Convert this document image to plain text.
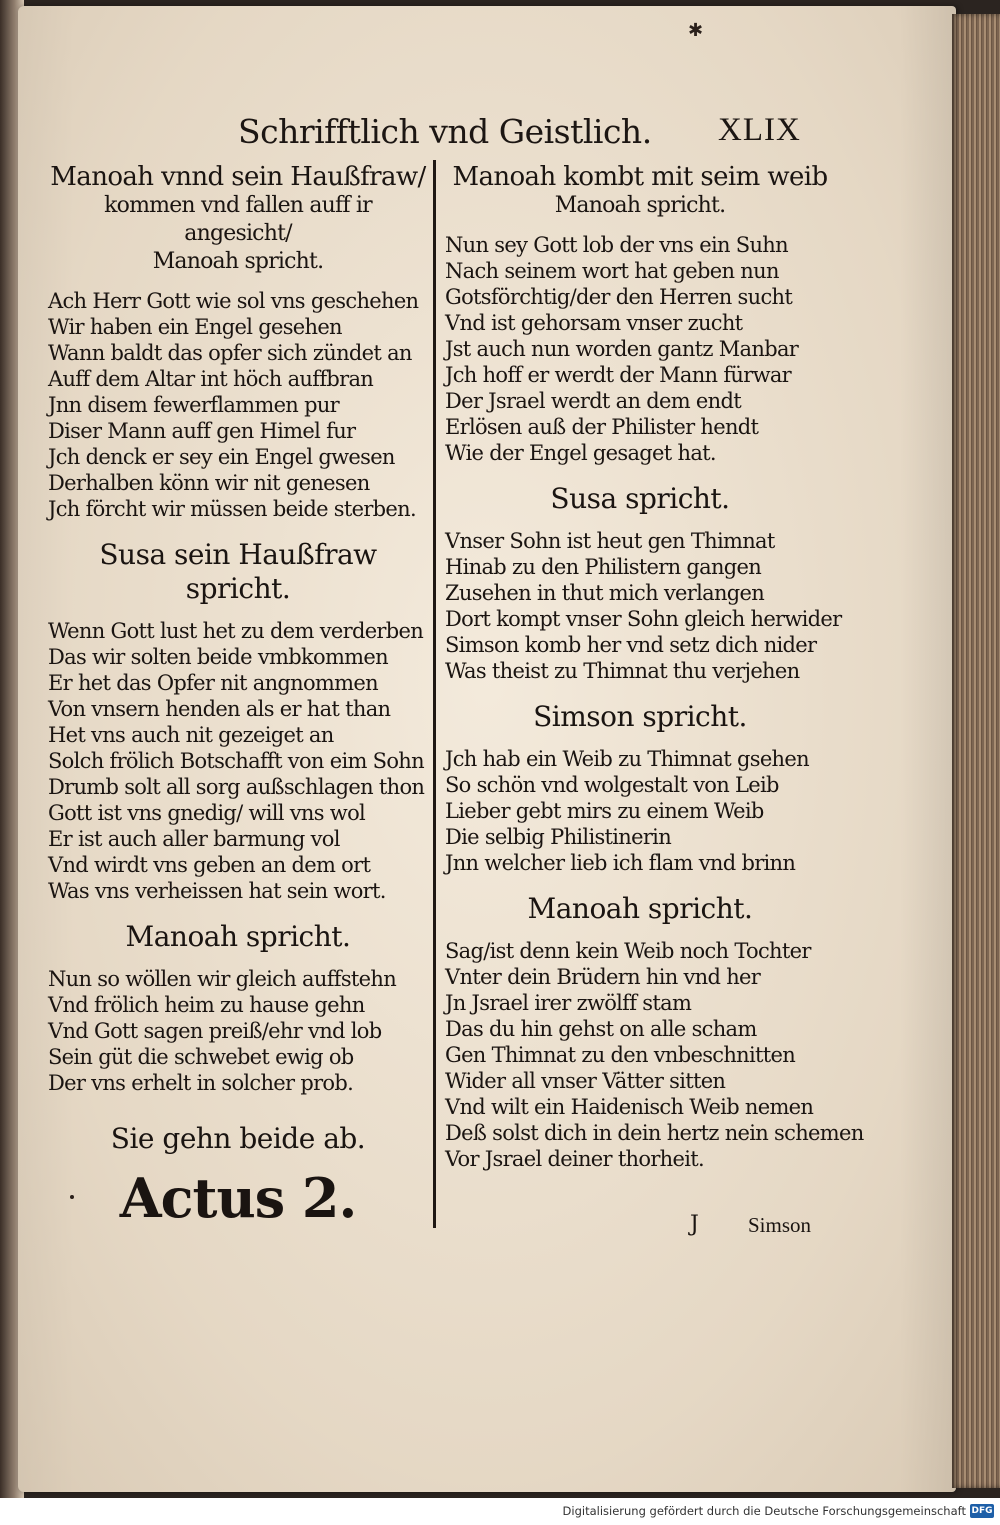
✱
Schrifftlich vnd Geistlich. XLIX
Manoah vnnd sein Haußfraw/
kommen vnd fallen auff ir angesicht/
Manoah spricht.
Ach Herr Gott wie sol vns geschehen
Wir haben ein Engel gesehen
Wann baldt das opfer sich zündet an
Auff dem Altar int höch auffbran
Jnn disem fewerflammen pur
Diser Mann auff gen Himel fur
Jch denck er sey ein Engel gwesen
Derhalben könn wir nit genesen
Jch förcht wir müssen beide sterben.
Susa sein Haußfraw spricht.
Wenn Gott lust het zu dem verderben
Das wir solten beide vmbkommen
Er het das Opfer nit angnommen
Von vnsern henden als er hat than
Het vns auch nit gezeiget an
Solch frölich Botschafft von eim Sohn
Drumb solt all sorg außschlagen thon
Gott ist vns gnedig/ will vns wol
Er ist auch aller barmung vol
Vnd wirdt vns geben an dem ort
Was vns verheissen hat sein wort.
Manoah spricht.
Nun so wöllen wir gleich auffstehn
Vnd frölich heim zu hause gehn
Vnd Gott sagen preiß/ehr vnd lob
Sein güt die schwebet ewig ob
Der vns erhelt in solcher prob.
Sie gehn beide ab.
Actus 2.
Manoah kombt mit seim weib
Manoah spricht.
Nun sey Gott lob der vns ein Suhn
Nach seinem wort hat geben nun
Gotsförchtig/der den Herren sucht
Vnd ist gehorsam vnser zucht
Jst auch nun worden gantz Manbar
Jch hoff er werdt der Mann fürwar
Der Jsrael werdt an dem endt
Erlösen auß der Philister hendt
Wie der Engel gesaget hat.
Susa spricht.
Vnser Sohn ist heut gen Thimnat
Hinab zu den Philistern gangen
Zusehen in thut mich verlangen
Dort kompt vnser Sohn gleich herwider
Simson komb her vnd setz dich nider
Was theist zu Thimnat thu verjehen
Simson spricht.
Jch hab ein Weib zu Thimnat gsehen
So schön vnd wolgestalt von Leib
Lieber gebt mirs zu einem Weib
Die selbig Philistinerin
Jnn welcher lieb ich flam vnd brinn
Manoah spricht.
Sag/ist denn kein Weib noch Tochter
Vnter dein Brüdern hin vnd her
Jn Jsrael irer zwölff stam
Das du hin gehst on alle scham
Gen Thimnat zu den vnbeschnitten
Wider all vnser Vätter sitten
Vnd wilt ein Haidenisch Weib nemen
Deß solst dich in dein hertz nein schemen
Vor Jsrael deiner thorheit.
J Simson
Digitalisierung gefördert durch die Deutsche Forschungsgemeinschaft DFG
